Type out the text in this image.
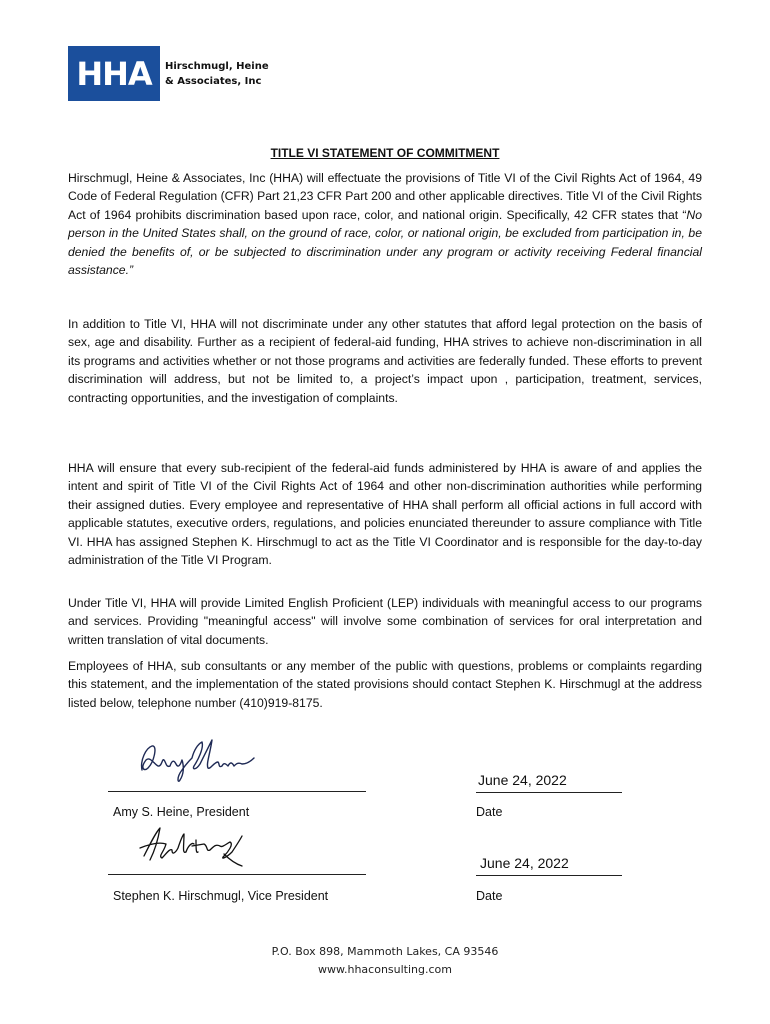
HHA	Hirschmugl, Heine
& Associates, Inc
TITLE VI STATEMENT OF COMMITMENT

Hirschmugl, Heine & Associates, Inc (HHA) will effectuate the provisions of Title VI of the Civil Rights Act of 1964, 49 Code of Federal Regulation (CFR) Part 21,23 CFR Part 200 and other applicable directives. Title VI of the Civil Rights Act of 1964 prohibits discrimination based upon race, color, and national origin. Specifically, 42 CFR states that “No person in the United States shall, on the ground of race, color, or national origin, be excluded from participation in, be denied the benefits of, or be subjected to discrimination under any program or activity receiving Federal financial assistance.”

In addition to Title VI, HHA will not discriminate under any other statutes that afford legal protection on the basis of sex, age and disability. Further as a recipient of federal-aid funding, HHA strives to achieve non-discrimination in all its programs and activities whether or not those programs and activities are federally funded. These efforts to prevent discrimination will address, but not be limited to, a project’s impact upon , participation, treatment, services, contracting opportunities, and the investigation of complaints.

HHA will ensure that every sub-recipient of the federal-aid funds administered by HHA is aware of and applies the intent and spirit of Title VI of the Civil Rights Act of 1964 and other non-discrimination authorities while performing their assigned duties. Every employee and representative of HHA shall perform all official actions in full accord with applicable statutes, executive orders, regulations, and policies enunciated thereunder to assure compliance with Title VI. HHA has assigned Stephen K. Hirschmugl to act as the Title VI Coordinator and is responsible for the day-to-day administration of the Title VI Program.

Under Title VI, HHA will provide Limited English Proficient (LEP) individuals with meaningful access to our programs and services. Providing "meaningful access" will involve some combination of services for oral interpretation and written translation of vital documents.

Employees of HHA, sub consultants or any member of the public with questions, problems or complaints regarding this statement, and the implementation of the stated provisions should contact Stephen K. Hirschmugl at the address listed below, telephone number (410)919-8175.

June 24, 2022
Amy S. Heine, President	Date
June 24, 2022
Stephen K. Hirschmugl, Vice President	Date
P.O. Box 898, Mammoth Lakes, CA 93546
www.hhaconsulting.com
